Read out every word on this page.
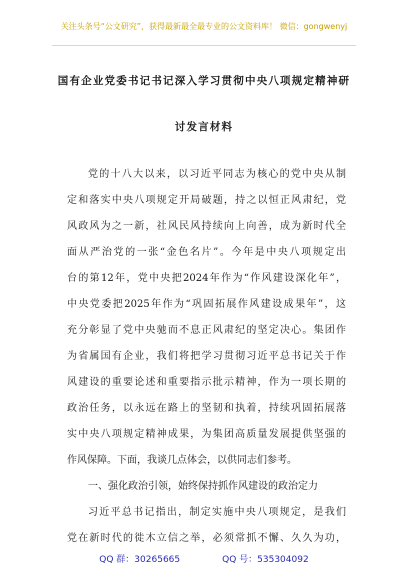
关注头条号“公文研究”，获得最新最全最专业的公文资料库！ 微信：gongwenyj
国有企业党委书记书记深入学习贯彻中央八项规定精神研
讨发言材料
党的十八大以来，以习近平同志为核心的党中央从制
定和落实中央八项规定开局破题，持之以恒正风肃纪，党
风政风为之一新，社风民风持续向上向善，成为新时代全
面从严治党的一张“金色名片”。今年是中央八项规定出
台的第12年，党中央把2024年作为“作风建设深化年”，
中央党委把2025年作为“巩固拓展作风建设成果年”，这
充分彰显了党中央驰而不息正风肃纪的坚定决心。集团作
为省属国有企业，我们将把学习贯彻习近平总书记关于作
风建设的重要论述和重要指示批示精神，作为一项长期的
政治任务，以永远在路上的坚韧和执着，持续巩固拓展落
实中央八项规定精神成果，为集团高质量发展提供坚强的
作风保障。下面，我谈几点体会，以供同志们参考。
一、强化政治引领，始终保持抓作风建设的政治定力
习近平总书记指出，制定实施中央八项规定，是我们
党在新时代的徙木立信之举，必须常抓不懈、久久为功，
QQ 群：30265665	QQ 号：535304092
